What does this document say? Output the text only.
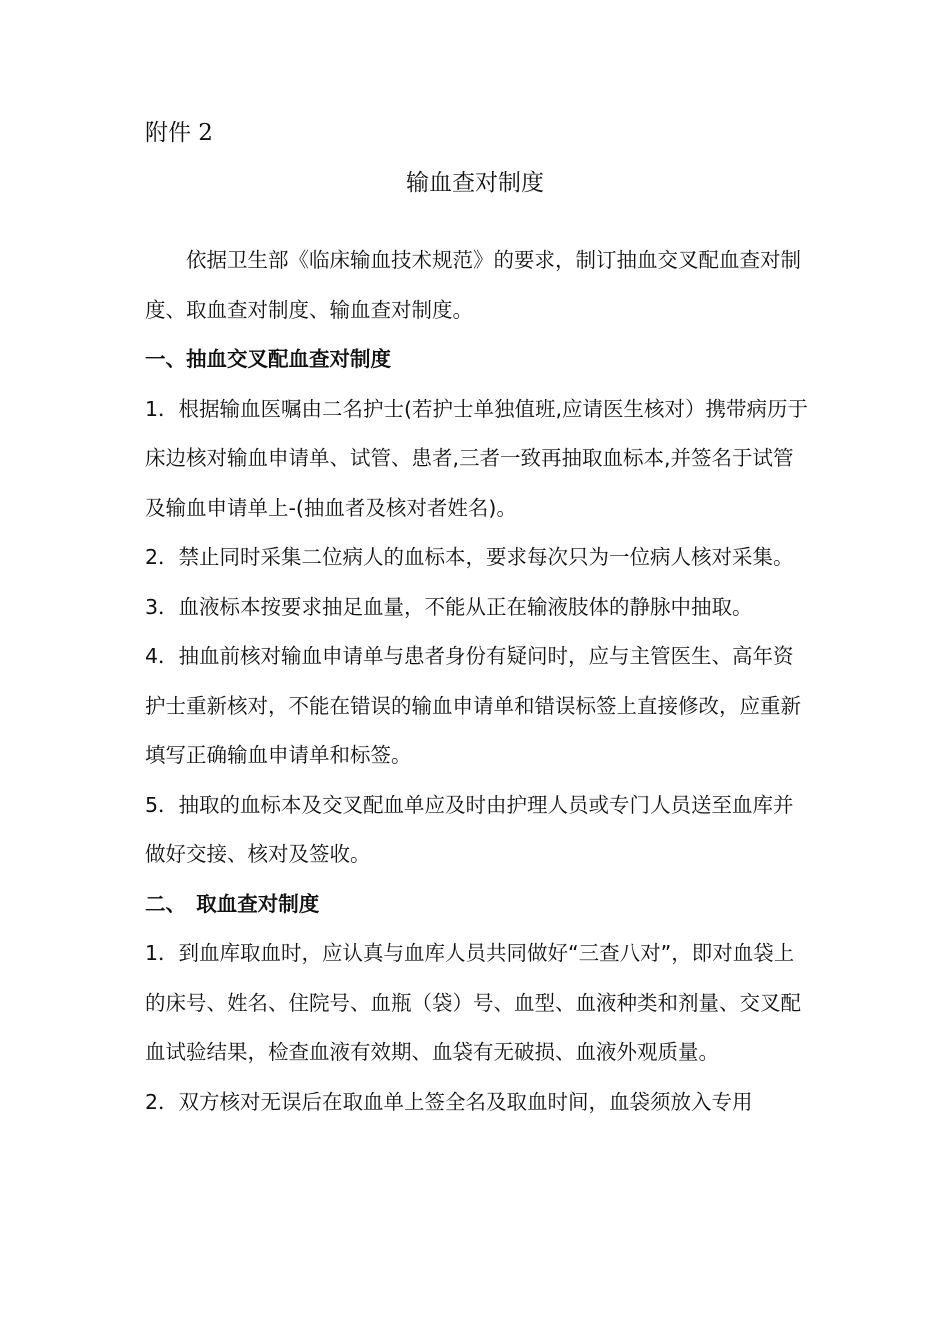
附件 2

输血查对制度

依据卫生部《临床输血技术规范》的要求，制订抽血交叉配血查对制度、取血查对制度、输血查对制度。

一、抽血交叉配血查对制度

1．根据输血医嘱由二名护士(若护士单独值班,应请医生核对）携带病历于床边核对输血申请单、试管、患者,三者一致再抽取血标本,并签名于试管及输血申请单上-(抽血者及核对者姓名)。

2．禁止同时采集二位病人的血标本，要求每次只为一位病人核对采集。

3．血液标本按要求抽足血量，不能从正在输液肢体的静脉中抽取。

4．抽血前核对输血申请单与患者身份有疑问时，应与主管医生、高年资护士重新核对，不能在错误的输血申请单和错误标签上直接修改，应重新填写正确输血申请单和标签。

5．抽取的血标本及交叉配血单应及时由护理人员或专门人员送至血库并做好交接、核对及签收。

二、　取血查对制度

1．到血库取血时，应认真与血库人员共同做好“三查八对”，即对血袋上的床号、姓名、住院号、血瓶（袋）号、血型、血液种类和剂量、交叉配血试验结果，检查血液有效期、血袋有无破损、血液外观质量。

2．双方核对无误后在取血单上签全名及取血时间，血袋须放入专用
